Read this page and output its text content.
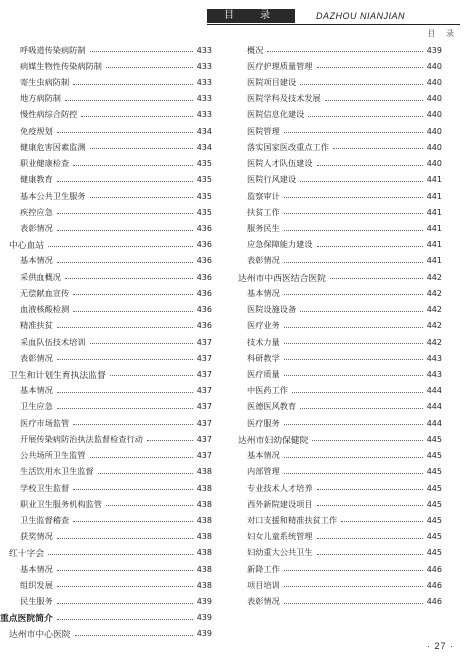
目　录	DAZHOU NIANJIAN
目 录
呼吸道传染病防制	433
病媒生物性传染病防制	433
寄生虫病防制	433
地方病防制	433
慢性病综合防控	433
免疫规划	434
健康危害因素监测	434
职业健康检查	435
健康教育	435
基本公共卫生服务	435
疾控应急	435
表彰情况	436
中心血站	436
基本情况	436
采供血概况	436
无偿献血宣传	436
血液核酸检测	436
精准扶贫	436
采血队伍技术培训	437
表彰情况	437
卫生和计划生育执法监督	437
基本情况	437
卫生应急	437
医疗市场监管	437
开展传染病防治执法监督检查行动	437
公共场所卫生监管	437
生活饮用水卫生监督	438
学校卫生监督	438
职业卫生服务机构监管	438
卫生监督稽查	438
获奖情况	438
红十字会	438
基本情况	438
组织发展	438
民生服务	439
重点医院简介	439
达州市中心医院	439
概况	439
医疗护理质量管理	440
医院项目建设	440
医院学科及技术发展	440
医院信息化建设	440
医院管理	440
落实国家医改重点工作	440
医院人才队伍建设	440
医院行风建设	441
监察审计	441
扶贫工作	441
服务民生	441
应急保障能力建设	441
表彰情况	441
达州市中西医结合医院	442
基本情况	442
医院设施设备	442
医疗业务	442
技术力量	442
科研教学	443
医疗质量	443
中医药工作	444
医德医风教育	444
医疗服务	444
达州市妇幼保健院	445
基本情况	445
内部管理	445
专业技术人才培养	445
西外新院建设项目	445
对口支援和精准扶贫工作	445
妇女儿童系统管理	445
妇幼重大公共卫生	445
新降工作	446
项目培训	446
表彰情况	446
· 27 ·
